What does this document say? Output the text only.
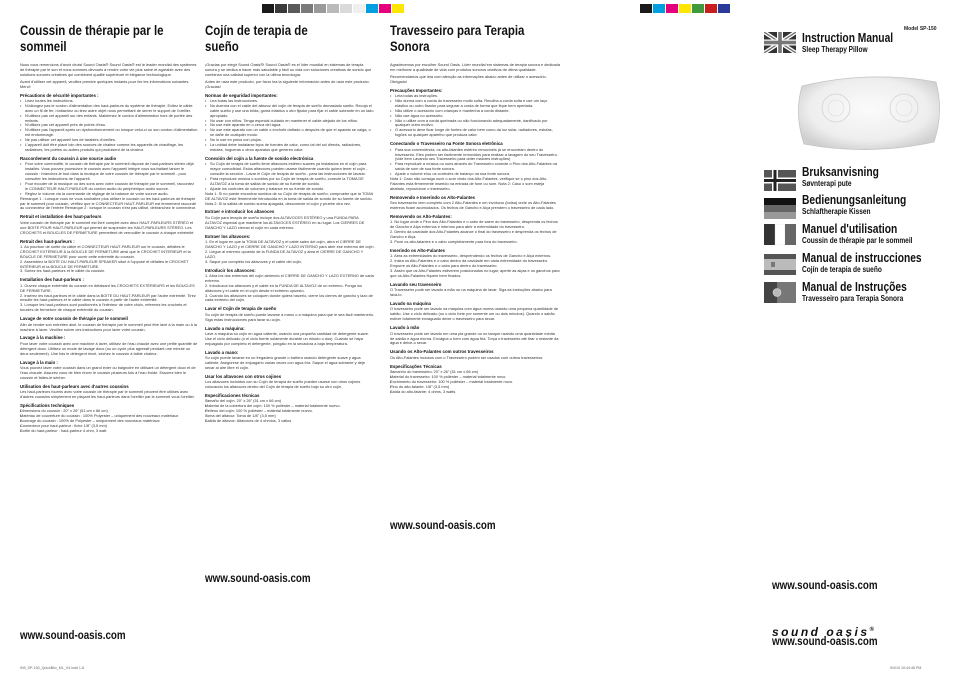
Coussin de thérapie par le sommeil

Nous vous remercions d'avoir choisi Sound Oasis® Sound Oasis® est le leader mondial des systèmes de thérapie par le son et nous sommes dévoués à rendre votre vie plus saine et agréable avec des solutions sonores créatives qui combinent qualité supérieure et élégance technologique.

Avant d'utiliser cet appareil, veuillez prendre quelques instants pour lire les informations suivantes. Merci!

Précautions de sécurité importantes :
• Lisez toutes les instructions.
• N'allongez pas le cordon d'alimentation des haut-parleurs du système de thérapie. Evitez le câble avec un fil de fer, n'attachez ou tirez autre objet nous permettant de serrer le support de l'oreiller.
• N'utilisez pas cet appareil sur des enfants. Maintenez le cordon d'alimentation hors de portée des enfants.
• N'utilisez pas cet appareil près de points d'eau.
• N'utilisez pas l'appareil après un dysfonctionnement ou lorsque celui-ci ou son cordon d'alimentation est endommagé.
• Ne pas utiliser cet appareil lors de tarabies d'oreilles.
• L'appareil doit être placé loin des sources de chaleur comme les appareils de chauffage, les radiateurs, les poêles ou autres produits qui produisent de la chaleur.
Raccordement du coussin à une source audio
• Pour votre commodité, le coussin de thérapie par le sommeil dispose de haut-parleurs stéréo déjà installés. Vous pouvez poursuivre le coussin avec l'appareil intégré vous souhaitant lancer le coussin : branchez-le tout dans la musique de votre coussin de thérapie par le sommeil - pour consulter les instructions de l'appareil.
• Pour écouter de la musique ou des sons avec votre coussin de thérapie par le sommeil, raccordez le CONNECTEUR HAUT-PARLEUR du cordon audio du périphérique audio source.
• Réglez le volume via la commande de réglage de la balance de votre source audio.

Remarque 1 : Lorsque vous ne vous souhaitez plus utiliser le coussin ou les haut-parleurs de thérapie par le sommeil pour coussin, vérifiez que le CONNECTEUR HAUT-PARLEUR est fermement raccordé au connecteur de l'entrée Remarque 2 : lorsque le coussin n'est pas utilisé, débranchez le connecteur.

Retrait et installation des haut-parleurs

Votre coussin de thérapie par le sommeil est livré complet avec deux HAUT-PARLEURS STÉRÉO et une BOITE POUR HAUT-PARLEUR qui permet de suspendre les HAUT-PARLEURS STÉRÉO. Les CROCHETS et BOUCLES DE FERMETURE permettent de verrouiller le coussin à chaque extrémité.

Retrait des haut-parleurs :
1. Au pourtour de sortie du câble et CONNECTEUR HAUT-PARLEUR sur le coussin, défaites le CROCHET EXTÉRIEUR & la BOUCLE DE FERMETURE ainsi que le CROCHET INTERIEUR et la BOUCLE DE FERMETURE pour ouvrir cette extrémité du coussin.
2. Assemblez la BOITE DU HAUT-PARLEUR SPEAKER situé à l'opposé et défaites le CROCHET INTÉRIEUR et la BOUCLE DE FERMETURE.
3. Sortez les haut-parleurs et le câble du coussin.
Installation des haut-parleurs :
1. Ouvrez chaque extrémité du coussin en défaisant les CROCHETS EXTÉRIEURS et les BOUCLES DE FERMETURE.
2. Insérez les haut-parleurs et le câble dans la BOITE DU HAUT-PARLEUR par l'autre extrémité. Tirez ensuite les haut-parleurs et le câble dans le coussin à partir de l'autre extrémité.
3. Lorsque les haut-parleurs sont positionnés à l'intérieur de votre choix, refermez les crochets et boucles de fermeture de chaque extrémité du coussin.
Lavage de votre coussin de thérapie par le sommeil

Afin de rendre son entretien aisé, le coussin de thérapie par le sommeil peut être lavé à la main ou à la machine à laver. Veuillez suivre ces instructions pour laver votre coussin.

Lavage à la machine :

Pour laver votre coussin avec une machine à laver, utilisez de l'eau chaude avec une petite quantité de détergent doux. Utilisez un mode de lavage doux (ou un cycle plus agressif pendant une minute ou deux seulement). Une fois le détergent rincé, séchez le coussin à faible chaleur.

Lavage à la main :

Vous pouvez laver votre coussin dans un grand évier ou baignoire en utilisant un détergent doux et de l'eau chaude. Assurez vous de bien rincer le coussin plusieurs fois à l'eau froide. Essorez bien le coussin et faites-le sécher.

Utilisation des haut-parleurs avec d'autres coussins

Les haut-parleurs fournis avec votre coussin de thérapie par le sommeil peuvent être utilisés avec d'autres coussins simplement en plaçant les haut-parleurs dans l'oreiller par le sommeil vous l'oreiller.

Spécifications techniques
• Dimensions du coussin : 20" x 26" (51 cm x 66 cm)
• Matériau de couverture du coussin : 100% Polyester – uniquement des nouveaux matériaux
• Bourrage du coussin : 100% de Polyester – uniquement des nouveaux matériaux
• Connecteur pour haut-parleur : fiche 1/8" (3,5 mm)
• Sortie du haut-parleur : haut-parleur 4 ohm, 3 watt
www.sound-oasis.com
Cojín de terapia de sueño

¡Gracias por elegir Sound Oasis®! Sound Oasis® es el líder mundial en sistemas de terapia sonora y se dedica a hacer más saludable y fácil su vida con soluciones creativas de sonido que combinan una calidad superior con la última tecnología.

Antes de usar este producto, por favor lea la siguiente información antes de usar este producto. ¡Gracias!

Normas de seguridad importantes:
• Lea todas las instrucciones.
• No duerma con el cable del altavoz del cojín de terapia de sueño demasiado suelto. Recoja el cable suelto y use una brida, goma elástica u otro fijador para fijar el cable sobrante en un lado apropiado.
• No usar con niños. Tenga especial cuidado en mantener el cable alejado de los niños.
• No use este aparato en o cerca del agua.
• No use este aparato con un cable o enchufe dañado o después de que el aparato se caiga, o se dañe de cualquier modo.
• No lo use en pelos con piojos.
• La unidad debe instalarse lejos de fuentes de calor, como tal del sol directa, radiadores, estufas, hogueras u otros aparatos que generen calor.
Conexión del cojín a la fuente de sonido electrónica
• Su Cojín de terapia de sueño tiene altavoces estéreo suaves ya instalados en el cojín para mayor comodidad. Estos altavoces pueden usarse fácilmente cuando quiera tener el cojín - consulte la sección - Lavar el Cojín de terapia de sueño - para las instrucciones de lavado.
• Para reproducir música o sonidos por su Cojín de terapia de sueño, conecte la TOMA DE ALTAVOZ a la toma de salida de sonido de su fuente de sonido.
• Ajuste los controles de volumen y balance en su fuente de sonido.

Nota 1: Si no puede encontrar sonidos de su Cojín de terapia de sueño, compruebe que la TOMA DE ALTAVOZ esté firmemente introducida en la toma de salida de sonido de su fuente de sonido. Nota 2: Si la salida de sonido suena apagada, desconecte el cojín y pruebe otra vez.

Extraer e introducir los altavoces

Su Cojín para terapia de sueño incluye dos ALTAVOCES ESTÉREO y una FUNDA PARA ALTAVOZ especial que mantiene los ALTAVOCES ESTÉREO en su lugar. Los CIERRES DE GANCHO Y LAZO cierran el cojín en cada extremo.

Extraer los altavoces:
1. En el lugar en que la TOMA DE ALTAVOZ y el cable salen del cojín, abra el CIERRE DE GANCHO Y LAZO y el CIERRE DE GANCHO Y LAZO INTERNO para abrir ese extremo del cojín.
2. Llegue al extremo opuesto de la FUNDA DE ALTAVOZ y abra el CIERRE DE GANCHO Y LAZO.
3. Saque por completo los altavoces y el cable del cojín.
Introducir los altavoces:
1. Abra los dos extremos del cojín abriendo el CIERRE DE GANCHO Y LAZO EXTERNO de cada extremo.
2. Introduzca los altavoces y el cable en la FUNDA DE ALTAVOZ de un extremo. Ponga los altavoces y el cable en el cojín desde el extremo opuesto.
3. Cuando los altavoces se coloquen donde quiera hacerlo, cierre los cierres de gancho y lazo de cada extremo del cojín.
Lavar el Cojín de terapia de sueño

Su cojín de terapia de sueño puede lavarse a mano o a máquina para que le sea fácil mantenerlo. Siga estas instrucciones para lavar su cojín.

Lavado a máquina:

Lave a máquina su cojín en agua caliente, usando una pequeña cantidad de detergente suave. Use el ciclo delicado (o el ciclo fuerte solamente durante un minuto o dos). Cuando se haya enjuagado por completo el detergente, póngalo en la secadora a baja temperatura.

Lavado a mano:

Su cojín puede lavarse en un fregadero grande o bañera usando detergente suave y agua caliente. Asegúrese de enjuagarlo varias veces con agua fría. Saque el agua sobrante y deje secar al aire libre el cojín.

Usar los altavoces con otros cojines

Los altavoces incluidos con su Cojín de terapia de sueño pueden usarse con otros cojines colocando los altavoces dentro del Cojín de terapia de sueño bajo su otro cojín.

Especificaciones técnicas
• Tamaño del cojín: 20" x 26" (51 cm x 66 cm)
• Material de la cobertura del cojín: 100 % poliéster – material totalmente nuevo.
• Relleno del cojín: 100 % poliéster – material totalmente nuevo.
• Toma del altavoz: Toma de 1/8" (3,5 mm)
• Salida de altavoz: Altavoces de 4 ohmios, 3 vatios
www.sound-oasis.com
Travesseiro para Terapia Sonora

Agradecemos por escolher Sound Oasis. Líder mundial em sistemas de terapia sonora e dedicada em melhorar a qualidade de vida com produtos sonoros criativos de ótima qualidade.

Recomendamos que leia com atenção as informações abaixo antes de utilizar o acessório. Obrigado!

Precauções Importantes:
• Leia todas as instruções.
• Não durma com a corda do travesseiro muito solta. Recolha a corda solta e use um laço elástico ou outro fixador para segurar a corda de forma que fique bem apertada.
• Não utilize o acessório com crianças e mantenha a corda distante.
• Não use água no acessório.
• Não o utilize com a corda quebrada ou não funcionando adequadamente, danificado por qualquer outro motivo.
• O acessório deve ficar longe de fontes de calor bem como da luz solar, radiadores, estufas, fogões ou qualquer aparelho que produza calor.
Conectando o Travesseiro na Fonte Sonora eletrônica
• Para sua conveniência, os alto-falantes estéreo removíveis já se encontram dentro do travesseiro. Eles podem ser facilmente removidos para realizar a lavagem do seu Travesseiro. (vide item Lavando seu Travesseiro para obter maiores instruções)
• Para reproduzir a música ou sons através do Travesseiro conecte o Pino dos Alto-Falantes na saída de som de sua fonte sonora.
• Ajuste o volume e/ou os controles de balanço na sua fonte sonora.

Nota 1: Caso não consiga ouvir o som vindo dos Alto-Falantes, verifique se o pino dos Alto-Falantes está firmemente inserido na entrada de fone ou som. Nota 2: Caso o som esteja abafado, reposicione o travesseiro.

Removendo e Inserindo os Alto-Falantes

Seu travesseiro vem completo com 2 Alto-Falantes e um invólucro (bolsa) onde os Alto-Falantes estéreos ficam acomodados. Os fechos de Gancho e Alça prendem o travesseiro de cada lado.

Removendo os Alto-Falantes:
1. No lugar onde o Pino dos Alto-Falantes e o cabo de saem do travesseiro, desprenda os fechos de Gancho e Alça externos e internos para abrir a extremidade do travesseiro.
2. Dentro da cavidade dos Alto-Falantes alcance o final do travesseiro e desprenda os fechos de Gancho e Alça.
3. Puxe os alto-falantes e o cabo completamente para fora do travesseiro.
Inserindo os Alto-Falantes
1. Abra as extremidades do travesseiro, desprendendo os fechos de Gancho e Alça externos.
2. Insira os Alto-Falantes e o cabo dentro da cavidade em cada extremidade do travesseiro. Empurre os Alto-Falantes e o cabo para dentro do travesseiro.
3. Assim que os Alto-Falantes estiverem posicionados no lugar, aperte as alças e os ganchos para que os Alto-Falantes fiquem bem fixados.
Lavando seu travesseiro

O Travesseiro pode ser lavado a mão ou na máquina de lavar. Siga as instruções abaixo para lavá-lo.

Lavado na máquina

O travesseiro pode ser lavado na máquina com água morna usando uma pequena quantidade de sabão. Use o ciclo delicado (ou o ciclo forte por somente um ou dois minutos). Quando o sabão estiver totalmente enxaguado deixe o travesseiro para secar.

Lavado à mão

O travesseiro pode ser lavado em uma pia grande ou no tanque usando uma quantidade média de sabão e água morna. Enxágue-o bem com água fria. Torça o travesseiro até tirar o restante da água e deixe-o secar.

Usando os Alto-Falantes com outros travesseiros

Os Alto-Falantes inclusos com o Travesseiro podem ser usados com outros travesseiros.

Especificações Técnicas
• Tamanho do travesseiro: 20" x 26" (51 cm x 66 cm)
• Material do travesseiro: 100 % poliéster – material totalmente novo.
• Enchimento do travesseiro: 100 % poliéster – material totalmente novo.
• Pino do alto-falante: 1/8" (3,5 mm)
• Saída do alto-falante: 4 ohms, 3 watts
www.sound-oasis.com
Model SP-150
Instruction Manual
Sleep Therapy Pillow
Bruksanvisning
Søvnterapi pute
Bedienungsanleitung
Schlaftherapie Kissen
Manuel d'utilisation
Coussin de thérapie par le sommeil
Manual de instrucciones
Cojín de terapia de sueño
Manual de Instruções
Travesseiro para Terapia Sonora
www.sound-oasis.com
sound oasis®
www.sound-oasis.com
IN9_SP-150_QuickBkx_ML_V4.indd 1-8	9/4/10 10:44:46 PM
